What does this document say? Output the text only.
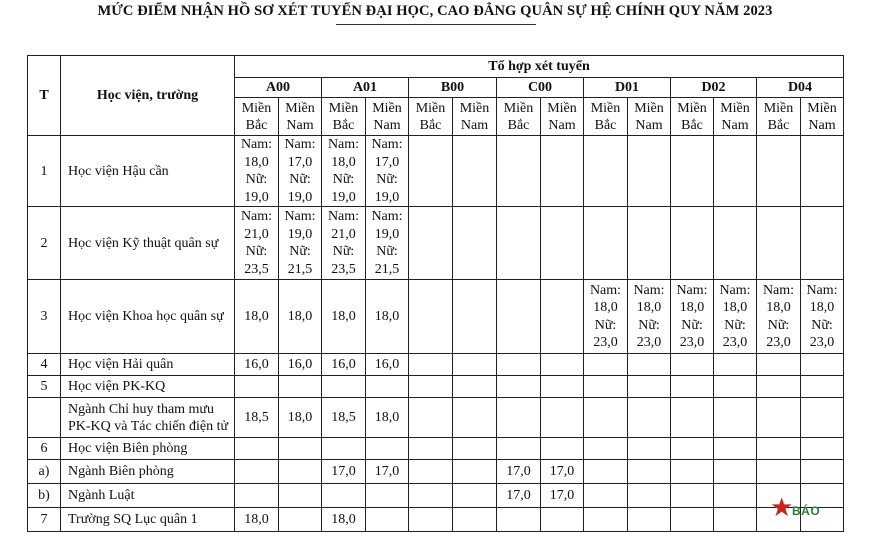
MỨC ĐIỂM NHẬN HỒ SƠ XÉT TUYỂN ĐẠI HỌC, CAO ĐẲNG QUÂN SỰ HỆ CHÍNH QUY NĂM 2023
T	Học viện, trường	Tổ hợp xét tuyển													
		A00		A01		B00		C00		D01		D02		D04	
		Miền Bắc	Miền Nam	Miền Bắc	Miền Nam	Miền Bắc	Miền Nam	Miền Bắc	Miền Nam	Miền Bắc	Miền Nam	Miền Bắc	Miền Nam	Miền Bắc	Miền Nam
1	Học viện Hậu cần	Nam: 18,0 Nữ: 19,0	Nam: 17,0 Nữ: 19,0	Nam: 18,0 Nữ: 19,0	Nam: 17,0 Nữ: 19,0										
2	Học viện Kỹ thuật quân sự	Nam: 21,0 Nữ: 23,5	Nam: 19,0 Nữ: 21,5	Nam: 21,0 Nữ: 23,5	Nam: 19,0 Nữ: 21,5										
3	Học viện Khoa học quân sự	18,0	18,0	18,0	18,0					Nam: 18,0 Nữ: 23,0	Nam: 18,0 Nữ: 23,0	Nam: 18,0 Nữ: 23,0	Nam: 18,0 Nữ: 23,0	Nam: 18,0 Nữ: 23,0	Nam: 18,0 Nữ: 23,0
4	Học viện Hải quân	16,0	16,0	16,0	16,0										
5	Học viện PK-KQ														
	Ngành Chỉ huy tham mưu PK-KQ và Tác chiến điện tử	18,5	18,0	18,5	18,0										
6	Học viện Biên phòng														
a)	Ngành Biên phòng			17,0	17,0			17,0	17,0						
b)	Ngành Luật							17,0	17,0						
7	Trường SQ Lục quân 1	18,0		18,0												★
BÁO
